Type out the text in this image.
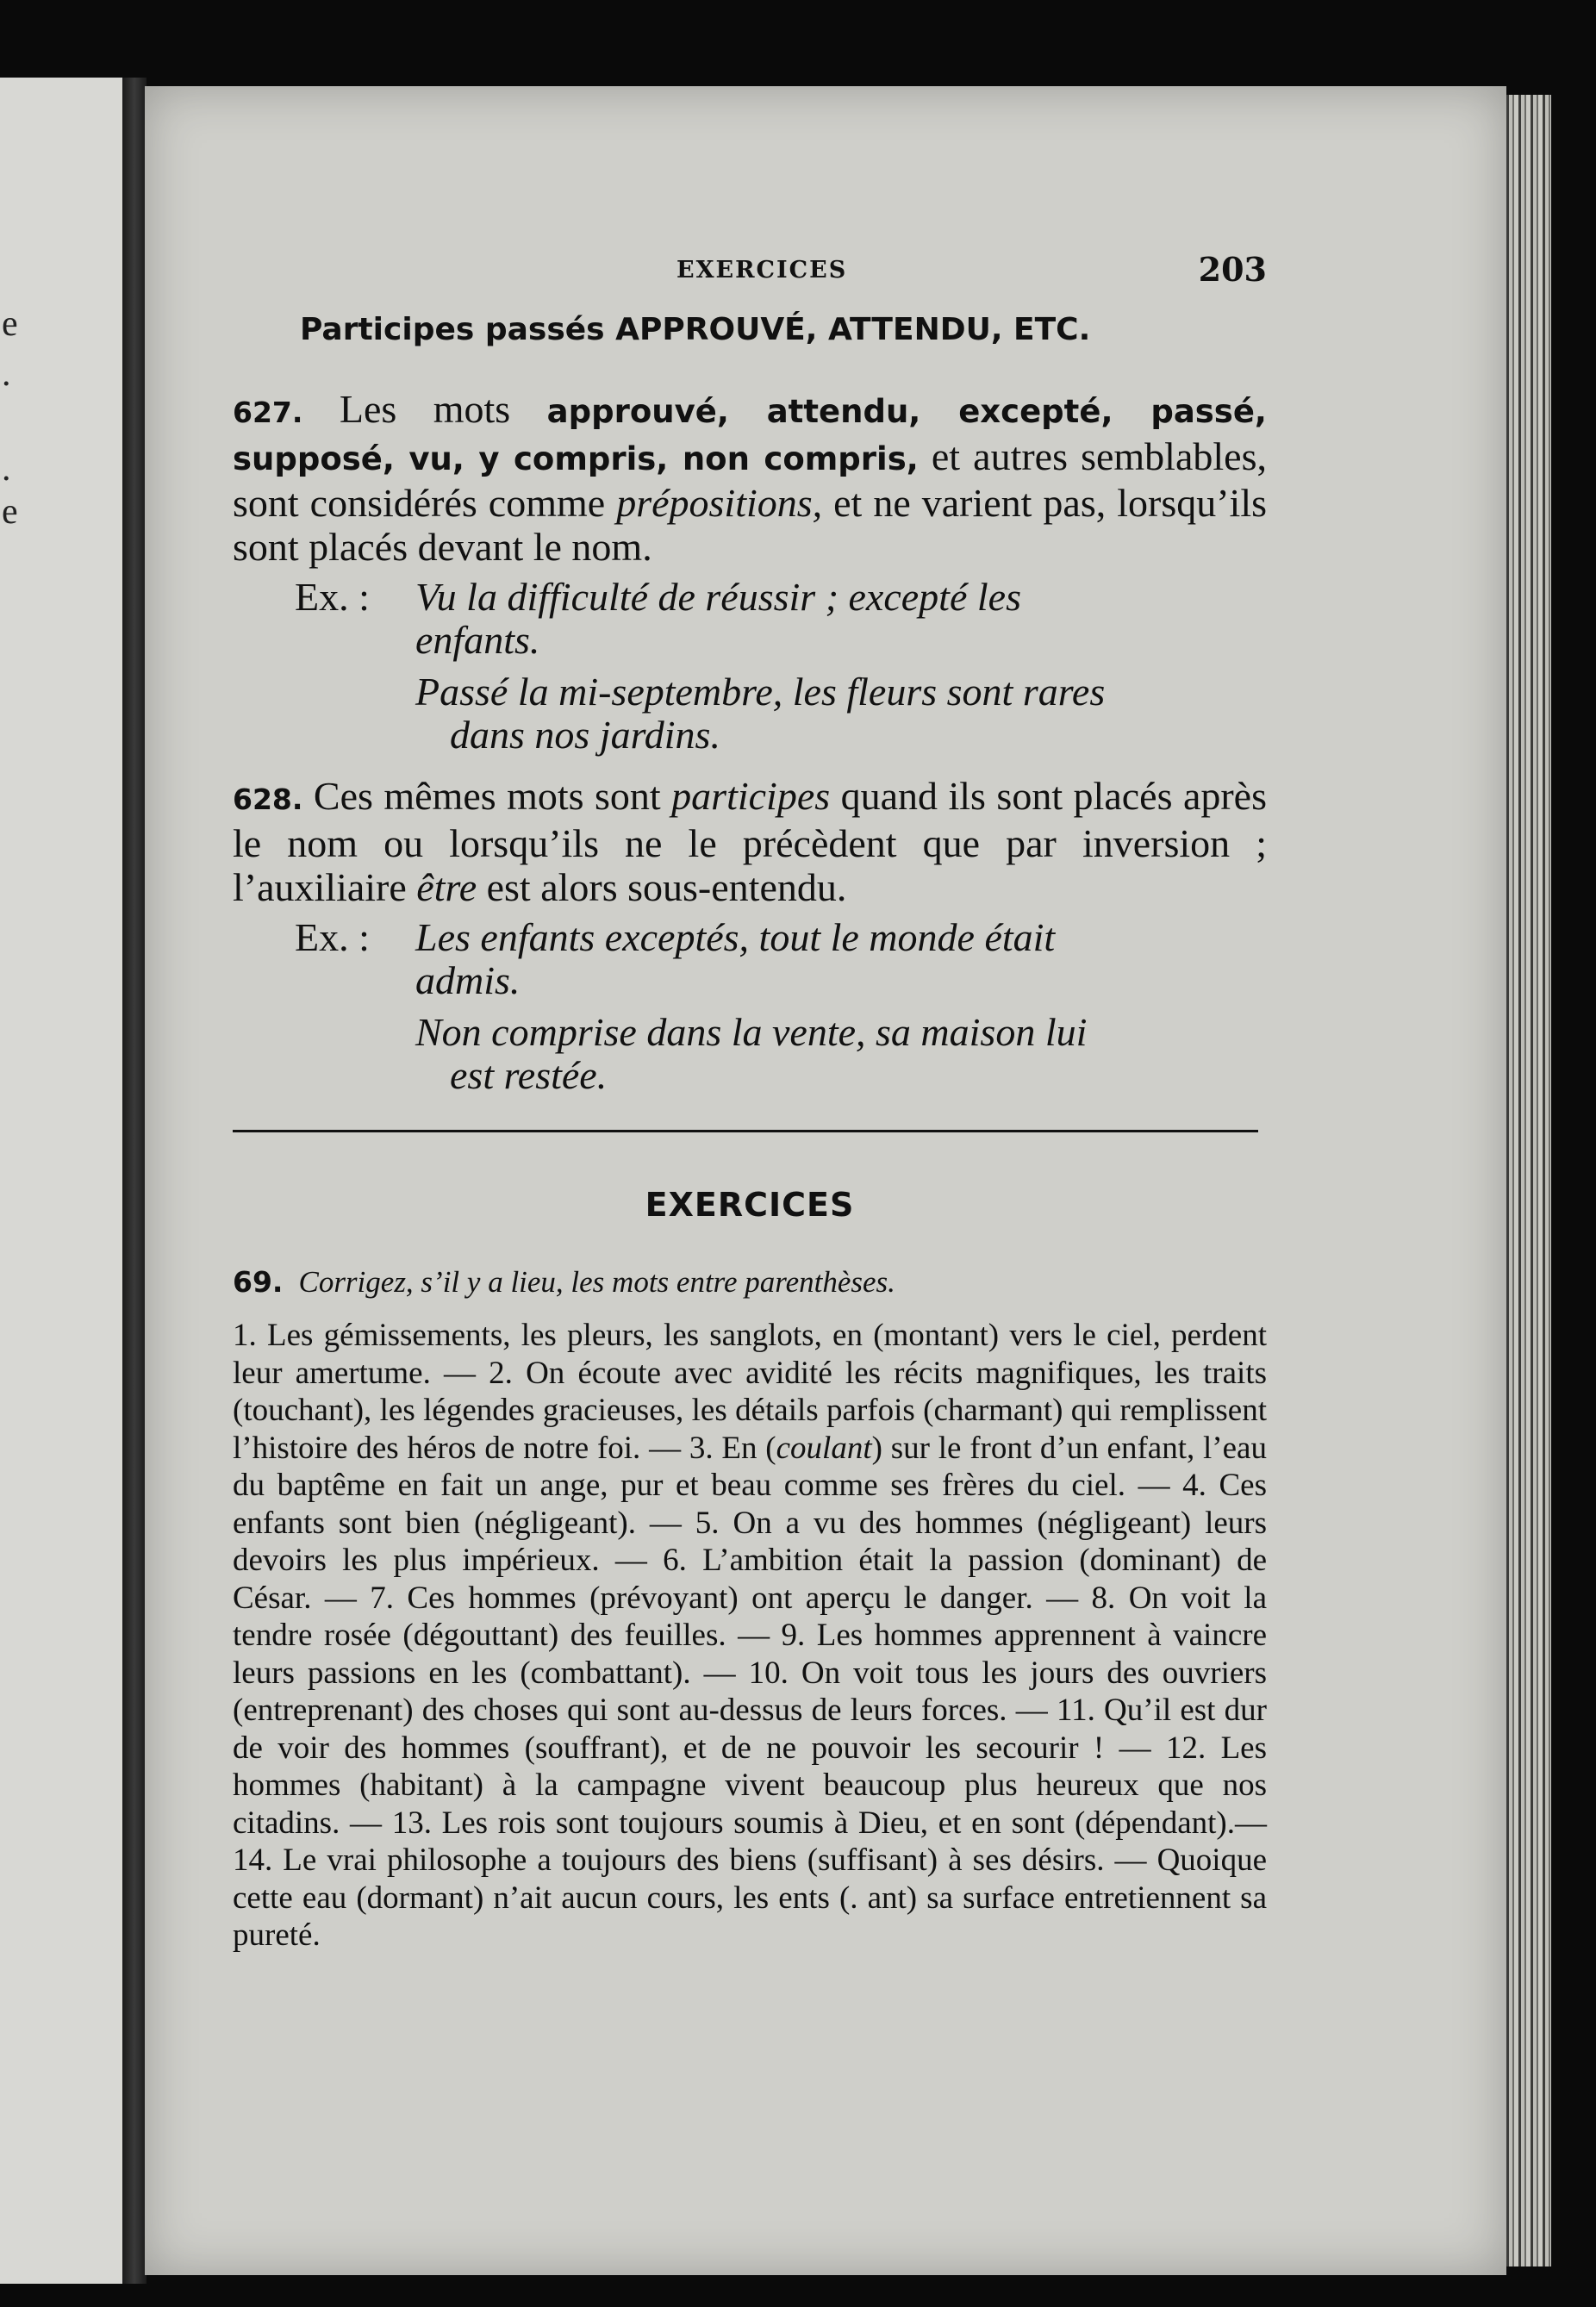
e
.
.
e
EXERCICES	203
Participes passés APPROUVÉ, ATTENDU, ETC.

627. Les mots approuvé, attendu, excepté, passé, supposé, vu, y compris, non compris, et autres semblables, sont considérés comme prépositions, et ne varient pas, lorsqu’ils sont placés devant le nom.

Ex. : Vu la difficulté de réussir ; excepté les
enfants.
Passé la mi-septembre, les fleurs sont rares
dans nos jardins.

628. Ces mêmes mots sont participes quand ils sont placés après le nom ou lorsqu’ils ne le précèdent que par inversion ; l’auxiliaire être est alors sous-entendu.

Ex. : Les enfants exceptés, tout le monde était
admis.
Non comprise dans la vente, sa maison lui
est restée.
EXERCICES
69. Corrigez, s’il y a lieu, les mots entre parenthèses.

1. Les gémissements, les pleurs, les sanglots, en (montant) vers le ciel, perdent leur amertume. — 2. On écoute avec avidité les récits magnifiques, les traits (touchant), les légendes gracieuses, les détails parfois (charmant) qui remplissent l’histoire des héros de notre foi. — 3. En (coulant) sur le front d’un enfant, l’eau du baptême en fait un ange, pur et beau comme ses frères du ciel. — 4. Ces enfants sont bien (négligeant). — 5. On a vu des hommes (négligeant) leurs devoirs les plus impérieux. — 6. L’ambition était la passion (dominant) de César. — 7. Ces hommes (prévoyant) ont aperçu le danger. — 8. On voit la tendre rosée (dégouttant) des feuilles. — 9. Les hommes apprennent à vaincre leurs passions en les (combattant). — 10. On voit tous les jours des ouvriers (entreprenant) des choses qui sont au-dessus de leurs forces. — 11. Qu’il est dur de voir des hommes (souffrant), et de ne pouvoir les secourir ! — 12. Les hommes (habitant) à la campagne vivent beaucoup plus heureux que nos citadins. — 13. Les rois sont toujours soumis à Dieu, et en sont (dépendant).— 14. Le vrai philosophe a toujours des biens (suffisant) à ses désirs. — Quoique cette eau (dormant) n’ait aucun cours, les ents (. ant) sa surface entretiennent sa pureté.
